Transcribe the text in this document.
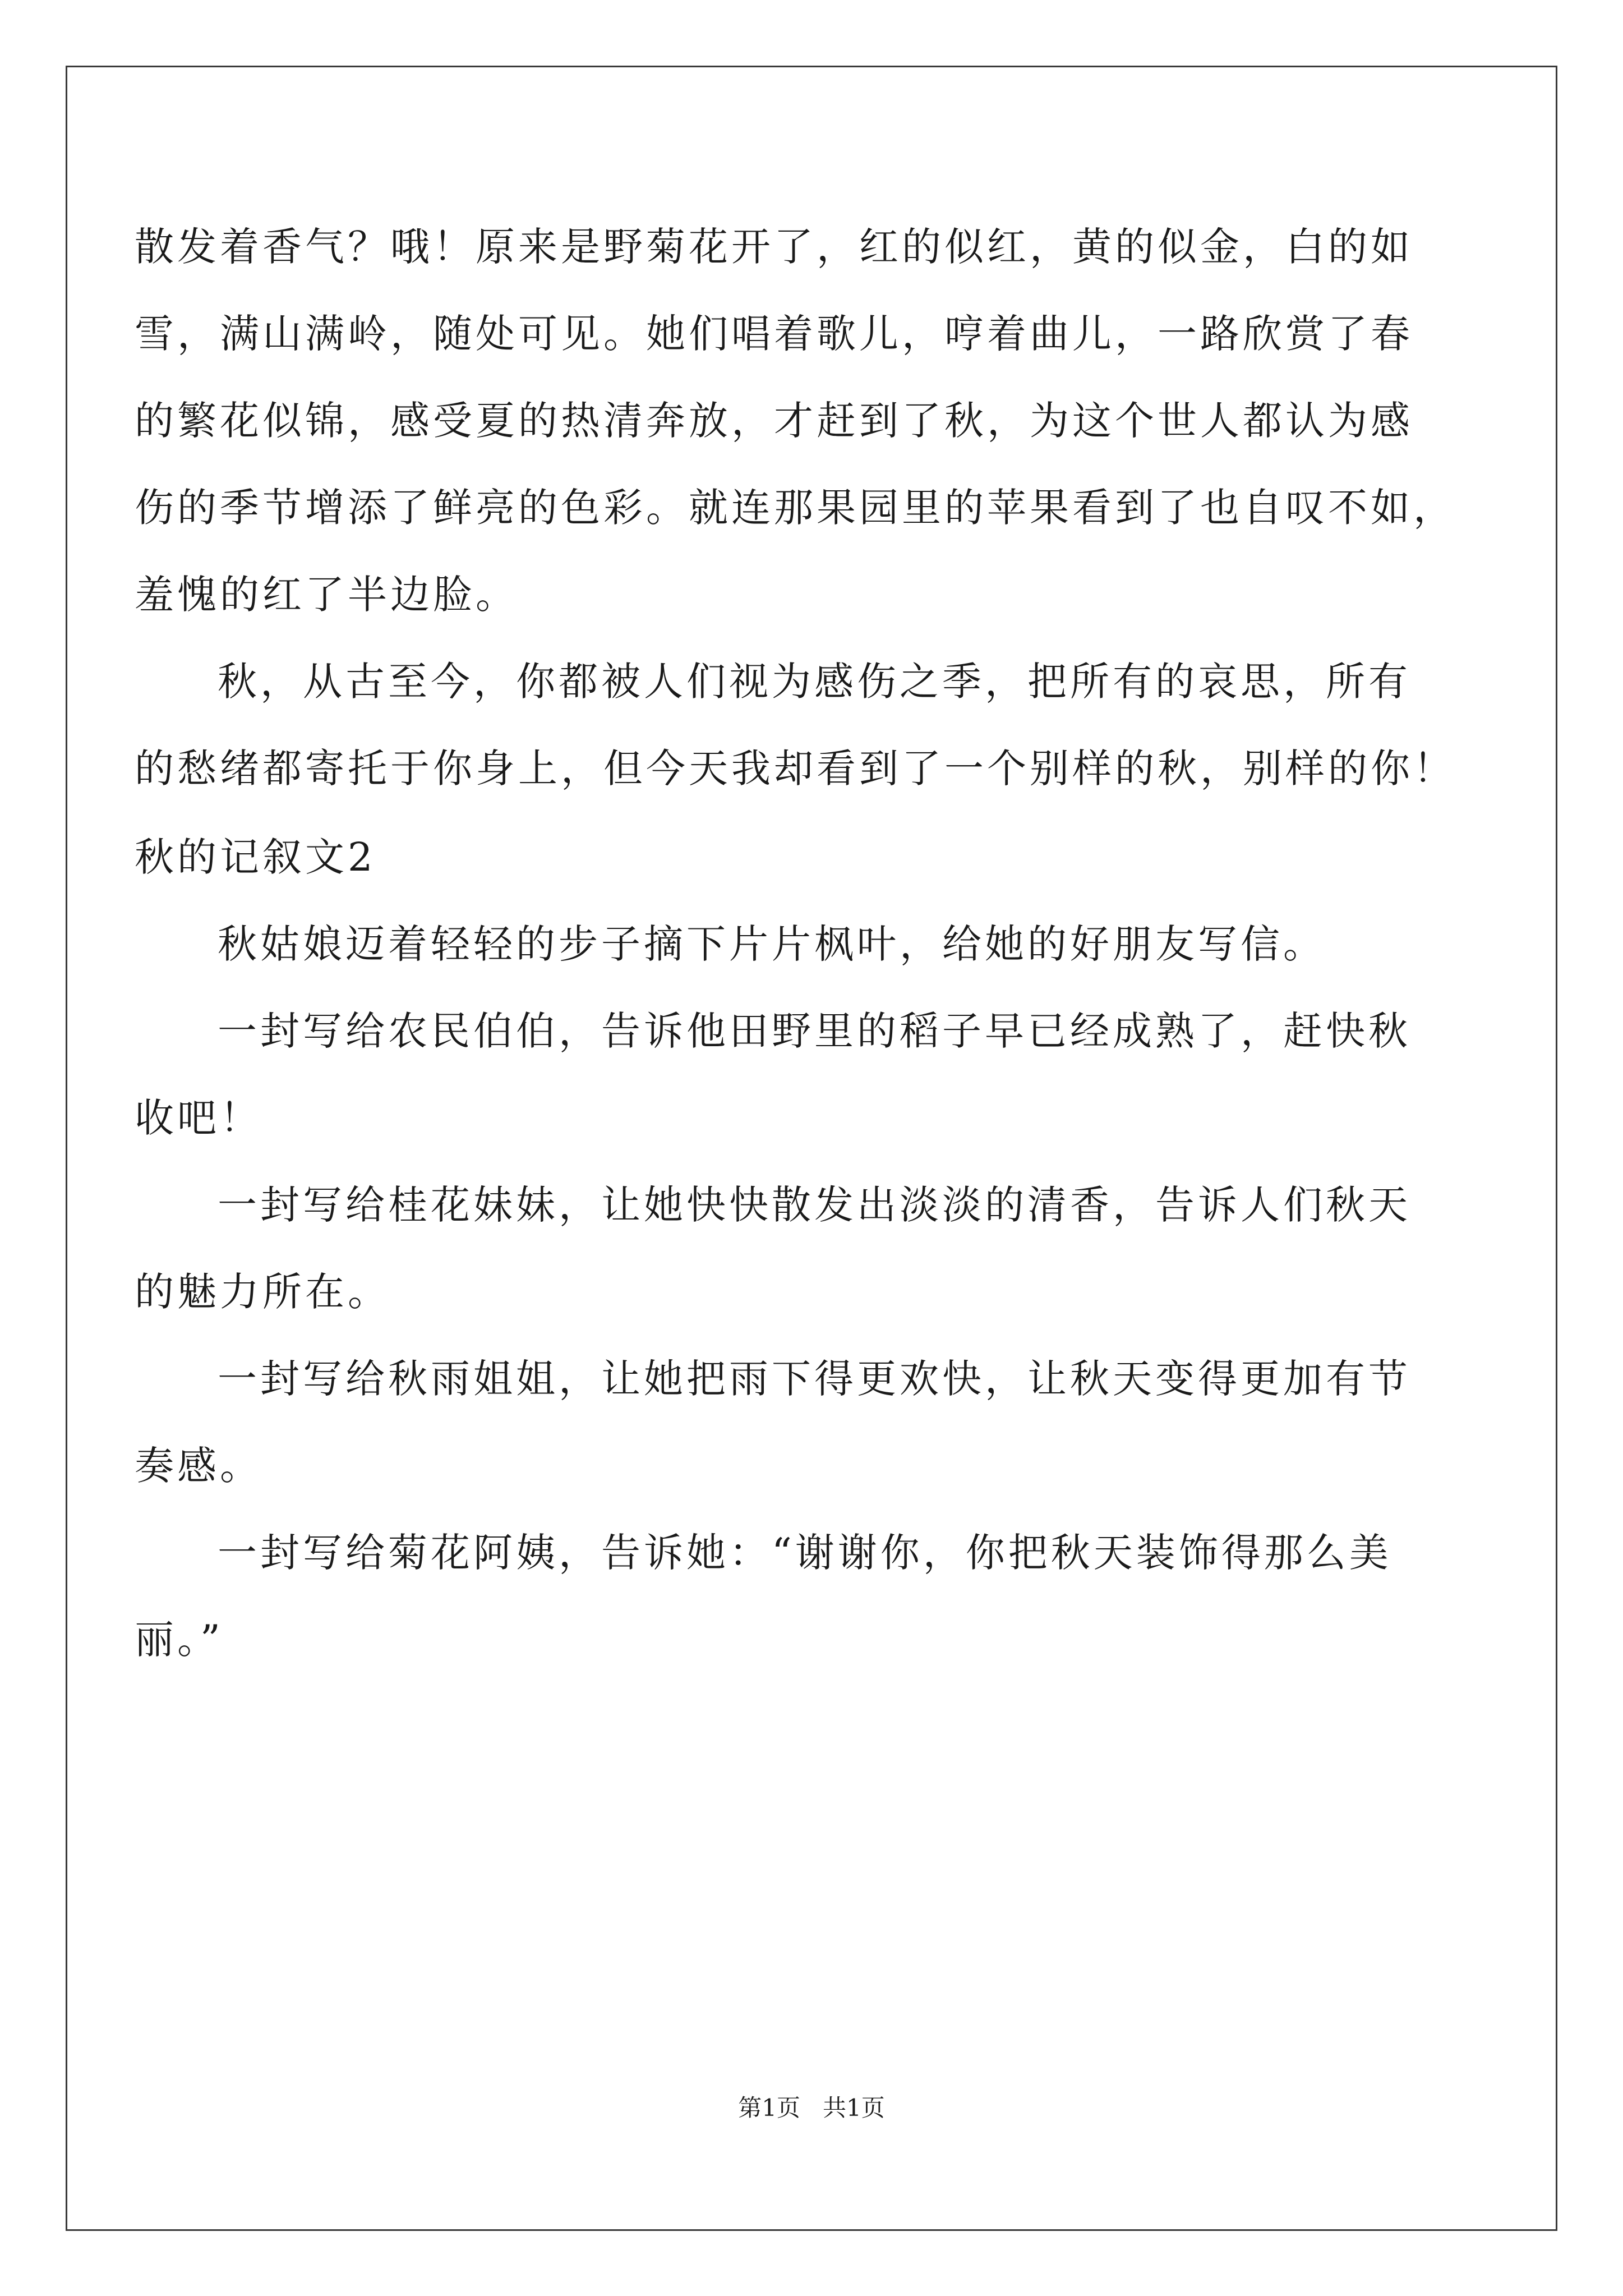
散发着香气？哦！原来是野菊花开了，红的似红，黄的似金，白的如
雪，满山满岭，随处可见。她们唱着歌儿，哼着曲儿，一路欣赏了春
的繁花似锦，感受夏的热清奔放，才赶到了秋，为这个世人都认为感
伤的季节增添了鲜亮的色彩。就连那果园里的苹果看到了也自叹不如，
羞愧的红了半边脸。
秋，从古至今，你都被人们视为感伤之季，把所有的哀思，所有
的愁绪都寄托于你身上，但今天我却看到了一个别样的秋，别样的你！
秋的记叙文2
秋姑娘迈着轻轻的步子摘下片片枫叶，给她的好朋友写信。
一封写给农民伯伯，告诉他田野里的稻子早已经成熟了，赶快秋
收吧！
一封写给桂花妹妹，让她快快散发出淡淡的清香，告诉人们秋天
的魅力所在。
一封写给秋雨姐姐，让她把雨下得更欢快，让秋天变得更加有节
奏感。
一封写给菊花阿姨，告诉她：“谢谢你，你把秋天装饰得那么美
丽。”
第1页   共1页
